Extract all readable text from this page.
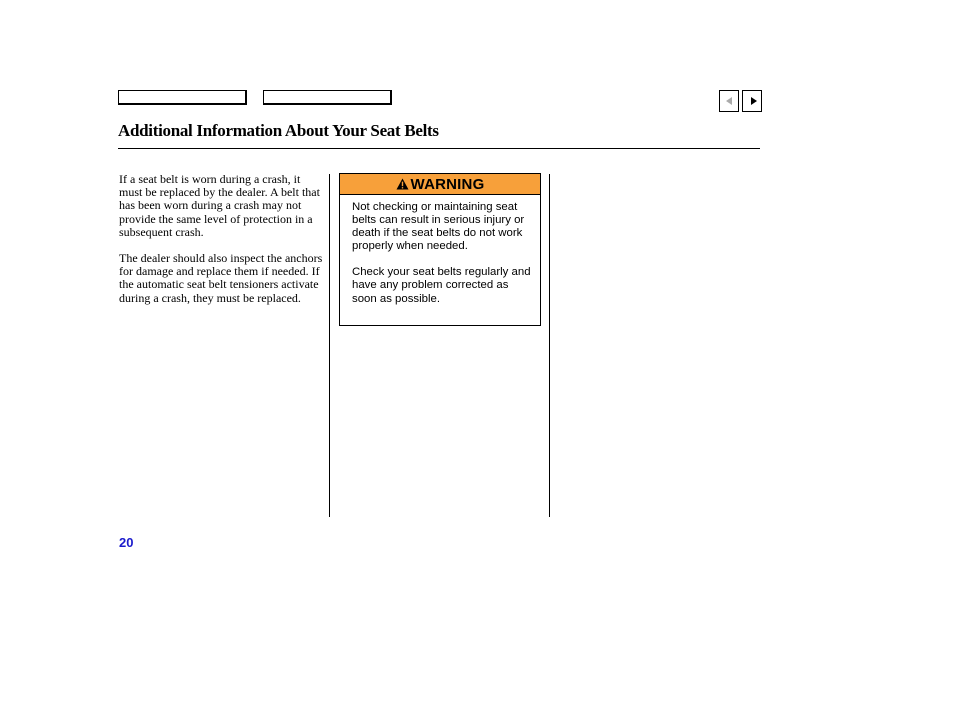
Additional Information About Your Seat Belts

If a seat belt is worn during a crash, it must be replaced by the dealer. A belt that has been worn during a crash may not provide the same level of protection in a subsequent crash.

The dealer should also inspect the anchors for damage and replace them if needed. If the automatic seat belt tensioners activate during a crash, they must be replaced.

WARNING

Not checking or maintaining seat belts can result in serious injury or death if the seat belts do not work properly when needed.

Check your seat belts regularly and have any problem corrected as soon as possible.

20
